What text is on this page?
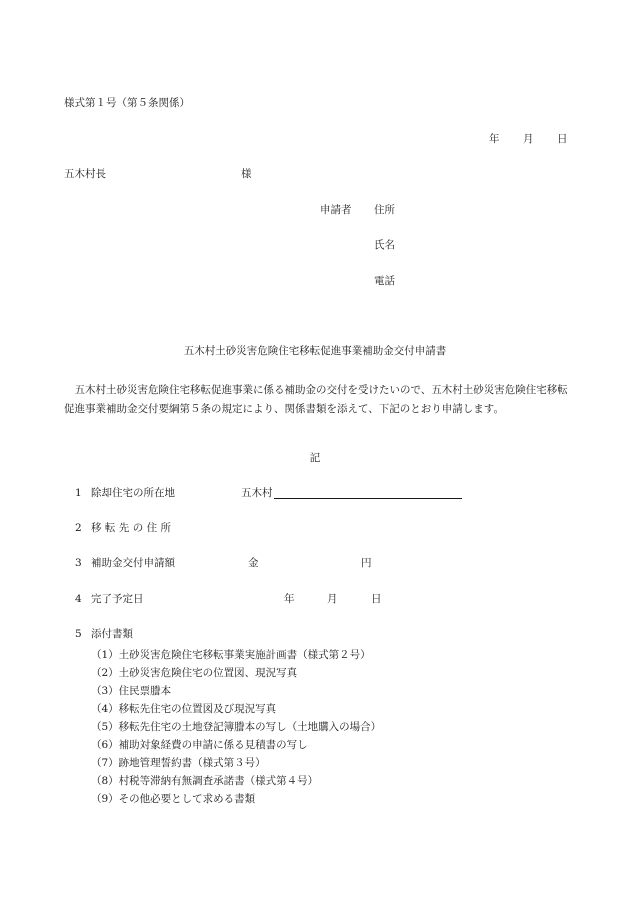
様式第１号（第５条関係）
年 月 日
五木村長	様
申請者 住所
氏名
電話
五木村土砂災害危険住宅移転促進事業補助金交付申請書
五木村土砂災害危険住宅移転促進事業に係る補助金の交付を受けたいので、五木村土砂災害危険住宅移転促進事業補助金交付要綱第５条の規定により、関係書類を添えて、下記のとおり申請します。
記
1 除却住宅の所在地	五木村
2 移転先の住所
3 補助金交付申請額	金	円
4 完了予定日	年	月	日
5 添付書類
（1）土砂災害危険住宅移転事業実施計画書（様式第２号）
（2）土砂災害危険住宅の位置図、現況写真
（3）住民票謄本
（4）移転先住宅の位置図及び現況写真
（5）移転先住宅の土地登記簿謄本の写し（土地購入の場合）
（6）補助対象経費の申請に係る見積書の写し
（7）跡地管理誓約書（様式第３号）
（8）村税等滞納有無調査承諾書（様式第４号）
（9）その他必要として求める書類
